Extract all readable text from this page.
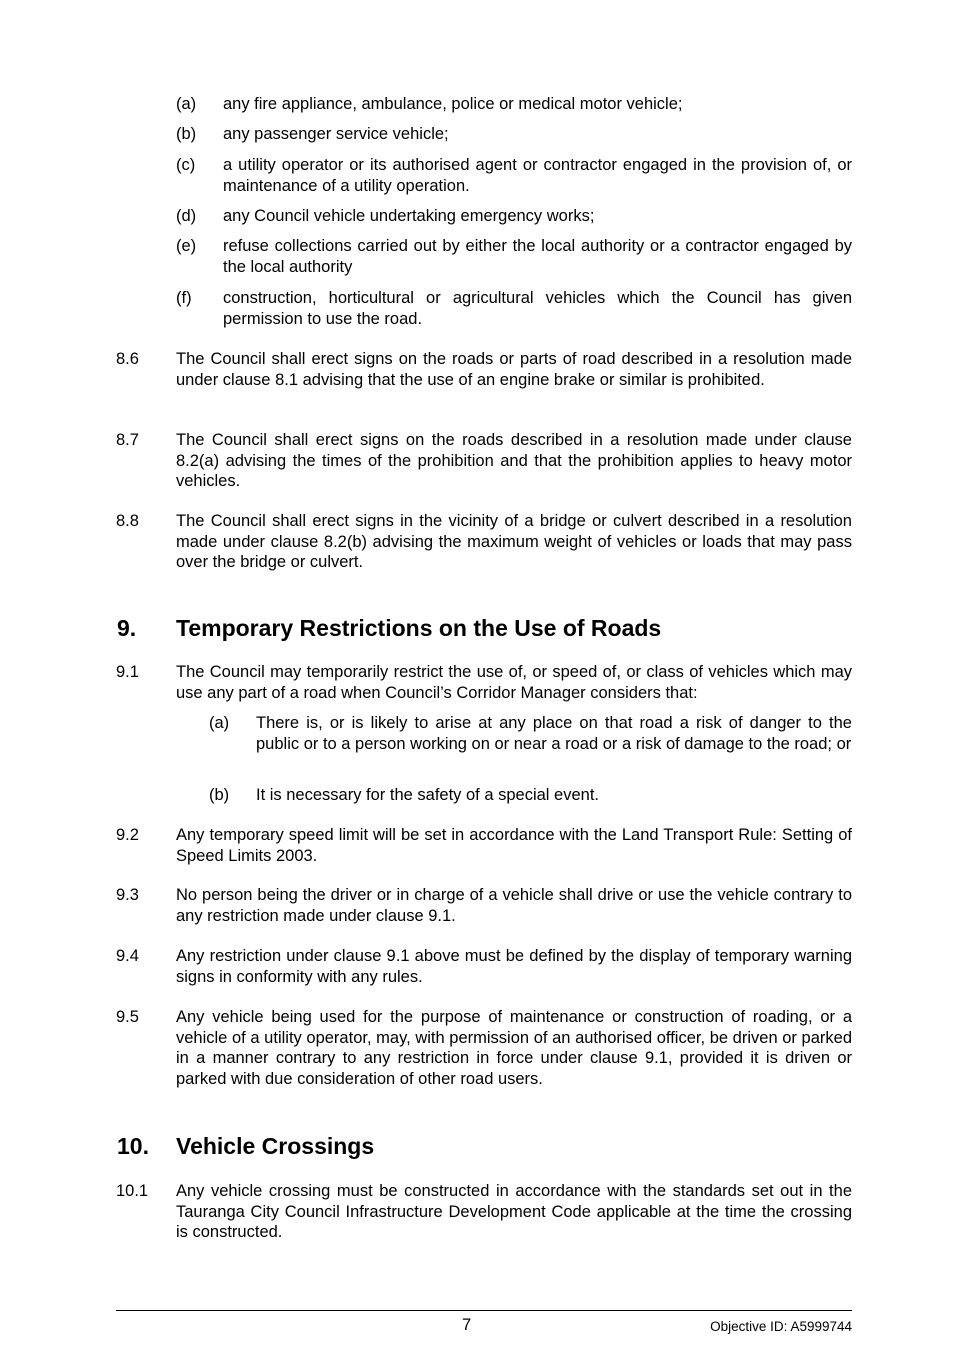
(a) any fire appliance, ambulance, police or medical motor vehicle;
(b) any passenger service vehicle;
(c) a utility operator or its authorised agent or contractor engaged in the provision of, or maintenance of a utility operation.
(d) any Council vehicle undertaking emergency works;
(e) refuse collections carried out by either the local authority or a contractor engaged by the local authority
(f) construction, horticultural or agricultural vehicles which the Council has given permission to use the road.
8.6 The Council shall erect signs on the roads or parts of road described in a resolution made under clause 8.1 advising that the use of an engine brake or similar is prohibited.
8.7 The Council shall erect signs on the roads described in a resolution made under clause 8.2(a) advising the times of the prohibition and that the prohibition applies to heavy motor vehicles.
8.8 The Council shall erect signs in the vicinity of a bridge or culvert described in a resolution made under clause 8.2(b) advising the maximum weight of vehicles or loads that may pass over the bridge or culvert.
9. Temporary Restrictions on the Use of Roads
9.1 The Council may temporarily restrict the use of, or speed of, or class of vehicles which may use any part of a road when Council’s Corridor Manager considers that:
(a) There is, or is likely to arise at any place on that road a risk of danger to the public or to a person working on or near a road or a risk of damage to the road; or
(b) It is necessary for the safety of a special event.
9.2 Any temporary speed limit will be set in accordance with the Land Transport Rule: Setting of Speed Limits 2003.
9.3 No person being the driver or in charge of a vehicle shall drive or use the vehicle contrary to any restriction made under clause 9.1.
9.4 Any restriction under clause 9.1 above must be defined by the display of temporary warning signs in conformity with any rules.
9.5 Any vehicle being used for the purpose of maintenance or construction of roading, or a vehicle of a utility operator, may, with permission of an authorised officer, be driven or parked in a manner contrary to any restriction in force under clause 9.1, provided it is driven or parked with due consideration of other road users.
10. Vehicle Crossings
10.1 Any vehicle crossing must be constructed in accordance with the standards set out in the Tauranga City Council Infrastructure Development Code applicable at the time the crossing is constructed.
7	Objective ID: A5999744
